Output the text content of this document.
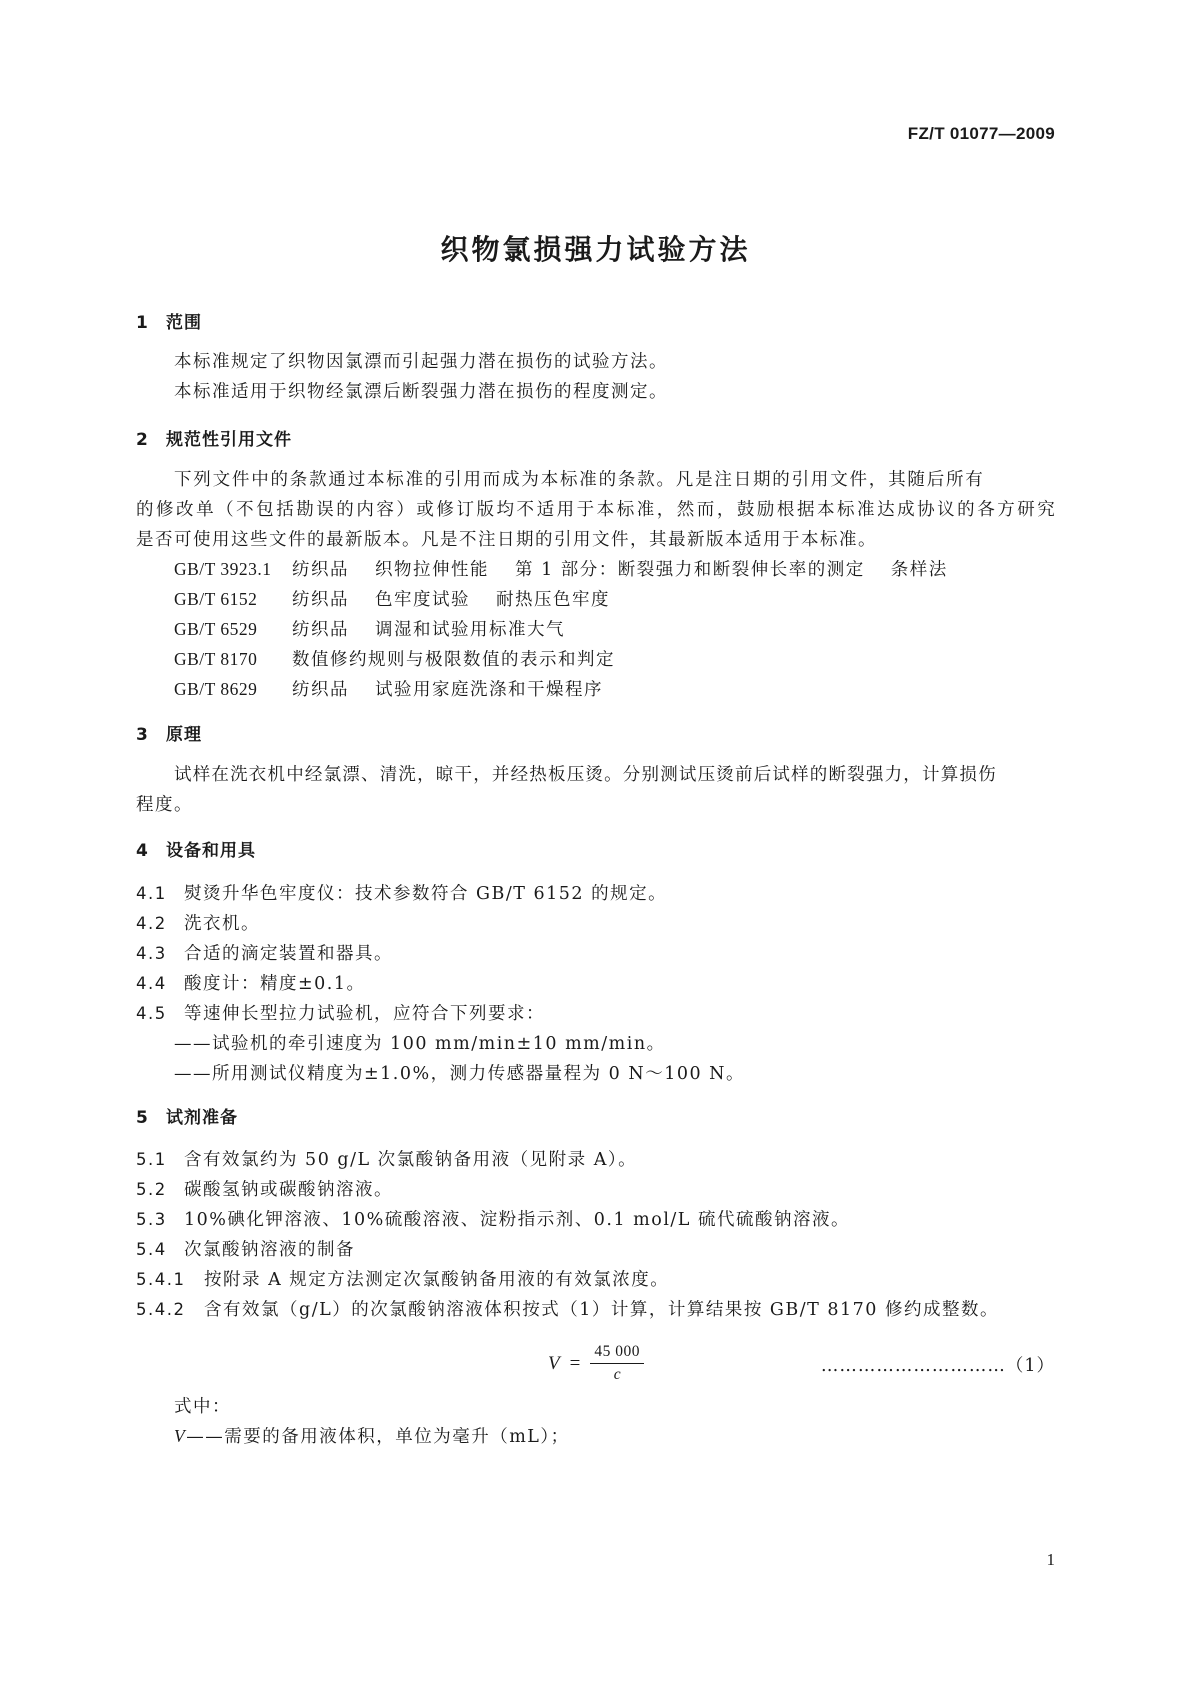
FZ/T 01077—2009
织物氯损强力试验方法
1 范围
本标准规定了织物因氯漂而引起强力潜在损伤的试验方法。
本标准适用于织物经氯漂后断裂强力潜在损伤的程度测定。
2 规范性引用文件
下列文件中的条款通过本标准的引用而成为本标准的条款。凡是注日期的引用文件，其随后所有
的修改单（不包括勘误的内容）或修订版均不适用于本标准，然而，鼓励根据本标准达成协议的各方研究
是否可使用这些文件的最新版本。凡是不注日期的引用文件，其最新版本适用于本标准。
GB/T 3923.1 纺织品 织物拉伸性能 第 1 部分：断裂强力和断裂伸长率的测定 条样法
GB/T 6152 纺织品 色牢度试验 耐热压色牢度
GB/T 6529 纺织品 调湿和试验用标准大气
GB/T 8170 数值修约规则与极限数值的表示和判定
GB/T 8629 纺织品 试验用家庭洗涤和干燥程序
3 原理
试样在洗衣机中经氯漂、清洗，晾干，并经热板压烫。分别测试压烫前后试样的断裂强力，计算损伤
程度。
4 设备和用具
4.1 熨烫升华色牢度仪：技术参数符合 GB/T 6152 的规定。
4.2 洗衣机。
4.3 合适的滴定装置和器具。
4.4 酸度计：精度±0.1。
4.5 等速伸长型拉力试验机，应符合下列要求：
——试验机的牵引速度为 100 mm/min±10 mm/min。
——所用测试仪精度为±1.0%，测力传感器量程为 0 N～100 N。
5 试剂准备
5.1 含有效氯约为 50 g/L 次氯酸钠备用液（见附录 A）。
5.2 碳酸氢钠或碳酸钠溶液。
5.3 10%碘化钾溶液、10%硫酸溶液、淀粉指示剂、0.1 mol/L 硫代硫酸钠溶液。
5.4 次氯酸钠溶液的制备
5.4.1 按附录 A 规定方法测定次氯酸钠备用液的有效氯浓度。
5.4.2 含有效氯（g/L）的次氯酸钠溶液体积按式（1）计算，计算结果按 GB/T 8170 修约成整数。
$V = \frac{45 000}{c}$	…………………………（1）
式中：
V——需要的备用液体积，单位为毫升（mL）；
1
